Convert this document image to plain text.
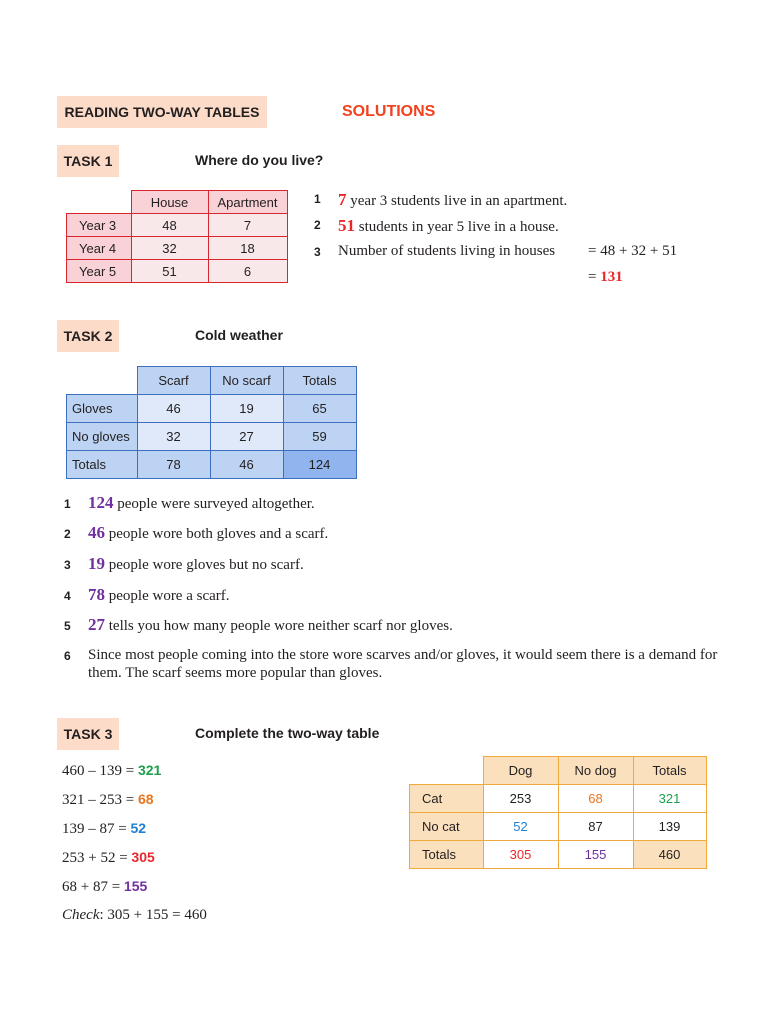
READING TWO-WAY TABLES	SOLUTIONS
TASK 1	Where do you live?
	House	Apartment
Year 3	48	7
Year 4	32	18
Year 5	51	6
1 7 year 3 students live in an apartment.
2 51 students in year 5 live in a house.
3 Number of students living in houses = 48 + 32 + 51
= 131
TASK 2	Cold weather
	Scarf	No scarf	Totals
Gloves	46	19	65
No gloves	32	27	59
Totals	78	46	124
1 124 people were surveyed altogether.
2 46 people wore both gloves and a scarf.
3 19 people wore gloves but no scarf.
4 78 people wore a scarf.
5 27 tells you how many people wore neither scarf nor gloves.
6 Since most people coming into the store wore scarves and/or gloves, it would seem there is a demand for them. The scarf seems more popular than gloves.
TASK 3	Complete the two-way table
460 – 139 = 321
321 – 253 = 68
139 – 87 = 52
253 + 52 = 305
68 + 87 = 155
Check: 305 + 155 = 460
	Dog	No dog	Totals
Cat	253	68	321
No cat	52	87	139
Totals	305	155	460
